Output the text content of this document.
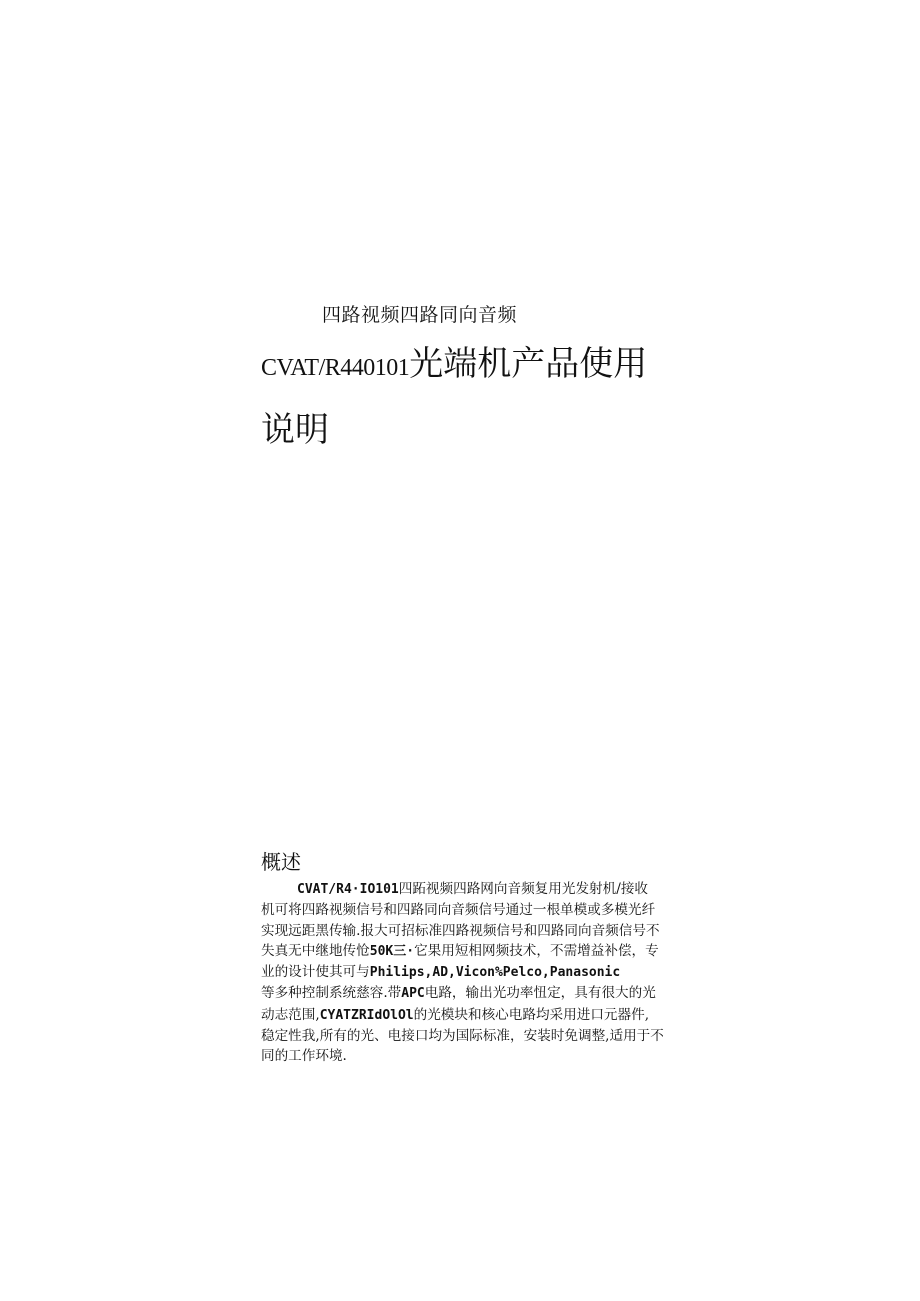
四路视频四路同向音频
CVAT/R440101光端机产品使用
说明
概述
CVAT/R4·IO101四跖视频四路网向音频复用光发射机/接收
机可将四路视频信号和四路同向音频信号通过一根单模或多模光纤
实现远距黑传输.报大可招标准四路视频信号和四路同向音频信号不
失真无中继地传怆50K三·它果用短相网频技术，不需增益补偿，专
业的设计使其可与Philips,AD,Vicon%Pelco,Panasonic
等多种控制系统慈容.带APC电路，输出光功率忸定，具有很大的光
动志范围,CYATZRIdOlOl的光模块和核心电路均采用进口元器件,
稳定性我,所有的光、电接口均为国际标准，安装时免调整,适用于不
同的工作环境.
